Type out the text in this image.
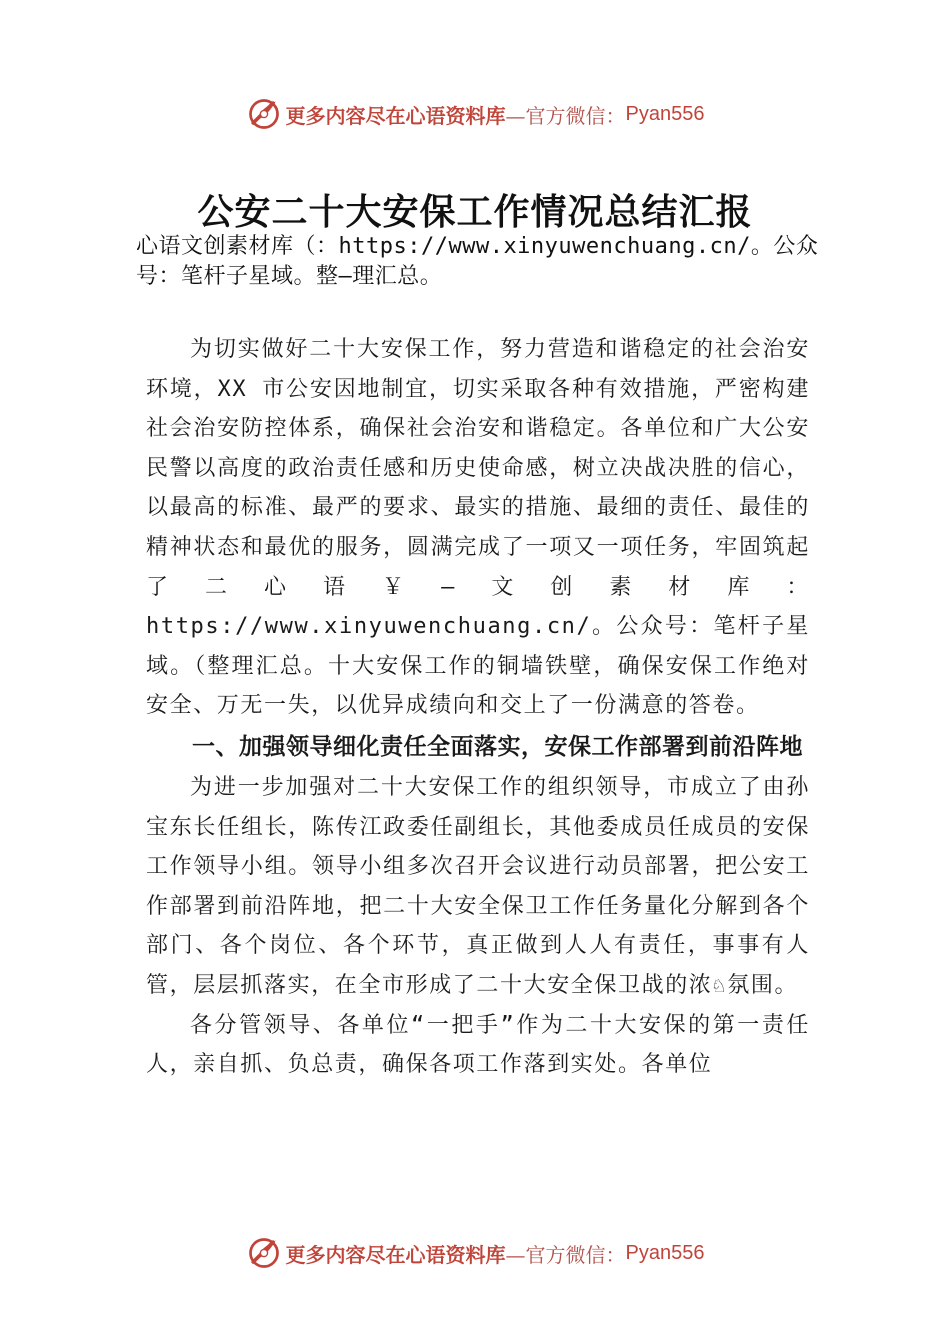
更多内容尽在心语资料库 —官方微信： Pyan556
公安二十大安保工作情况总结汇报
心语文创素材库（：https://www.xinyuwenchuang.cn/。公众号：笔杆子星域。整—理汇总。

为切实做好二十大安保工作，努力营造和谐稳定的社会治安环境，XX 市公安因地制宜，切实采取各种有效措施，严密构建社会治安防控体系，确保社会治安和谐稳定。各单位和广大公安民警以高度的政治责任感和历史使命感，树立决战决胜的信心，以最高的标准、最严的要求、最实的措施、最细的责任、最佳的精神状态和最优的服务，圆满完成了一项又一项任务，牢固筑起了二心语￥—文创素材库：https://www.xinyuwenchuang.cn/。公众号：笔杆子星域。（整理汇总。十大安保工作的铜墙铁壁，确保安保工作绝对安全、万无一失，以优异成绩向和交上了一份满意的答卷。

一、加强领导细化责任全面落实，安保工作部署到前沿阵地

为进一步加强对二十大安保工作的组织领导，市成立了由孙宝东长任组长，陈传江政委任副组长，其他委成员任成员的安保工作领导小组。领导小组多次召开会议进行动员部署，把公安工作部署到前沿阵地，把二十大安全保卫工作任务量化分解到各个部门、各个岗位、各个环节，真正做到人人有责任，事事有人管，层层抓落实，在全市形成了二十大安全保卫战的浓♘氛围。

各分管领导、各单位“一把手”作为二十大安保的第一责任人，亲自抓、负总责，确保各项工作落到实处。各单位

更多内容尽在心语资料库 —官方微信： Pyan556
